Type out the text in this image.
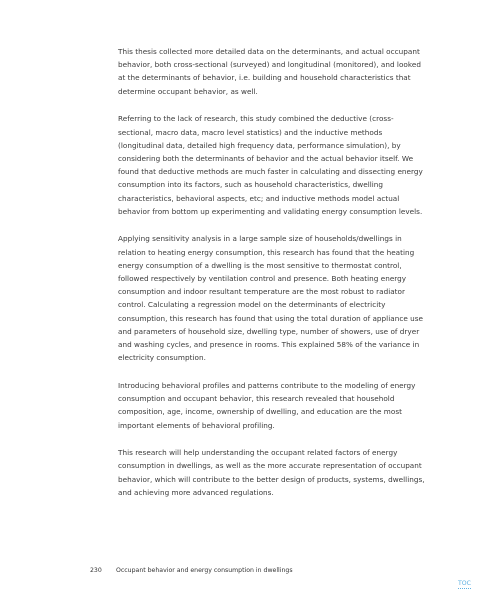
This thesis collected more detailed data on the determinants, and actual occupant behavior, both cross-sectional (surveyed) and longitudinal (monitored), and looked at the determinants of behavior, i.e. building and household characteristics that determine occupant behavior, as well.

Referring to the lack of research, this study combined the deductive (cross-sectional, macro data, macro level statistics) and the inductive methods (longitudinal data, detailed high frequency data, performance simulation), by considering both the determinants of behavior and the actual behavior itself. We found that deductive methods are much faster in calculating and dissecting energy consumption into its factors, such as household characteristics, dwelling characteristics, behavioral aspects, etc; and inductive methods model actual behavior from bottom up experimenting and validating energy consumption levels.

Applying sensitivity analysis in a large sample size of households/dwellings in relation to heating energy consumption, this research has found that the heating energy consumption of a dwelling is the most sensitive to thermostat control, followed respectively by ventilation control and presence. Both heating energy consumption and indoor resultant temperature are the most robust to radiator control. Calculating a regression model on the determinants of electricity consumption, this research has found that using the total duration of appliance use and parameters of household size, dwelling type, number of showers, use of dryer and washing cycles, and presence in rooms. This explained 58% of the variance in electricity consumption.

Introducing behavioral profiles and patterns contribute to the modeling of energy consumption and occupant behavior, this research revealed that household composition, age, income, ownership of dwelling, and education are the most important elements of behavioral profiling.

This research will help understanding the occupant related factors of energy consumption in dwellings, as well as the more accurate representation of occupant behavior, which will contribute to the better design of products, systems, dwellings, and achieving more advanced regulations.

230 Occupant behavior and energy consumption in dwellings
TOC
